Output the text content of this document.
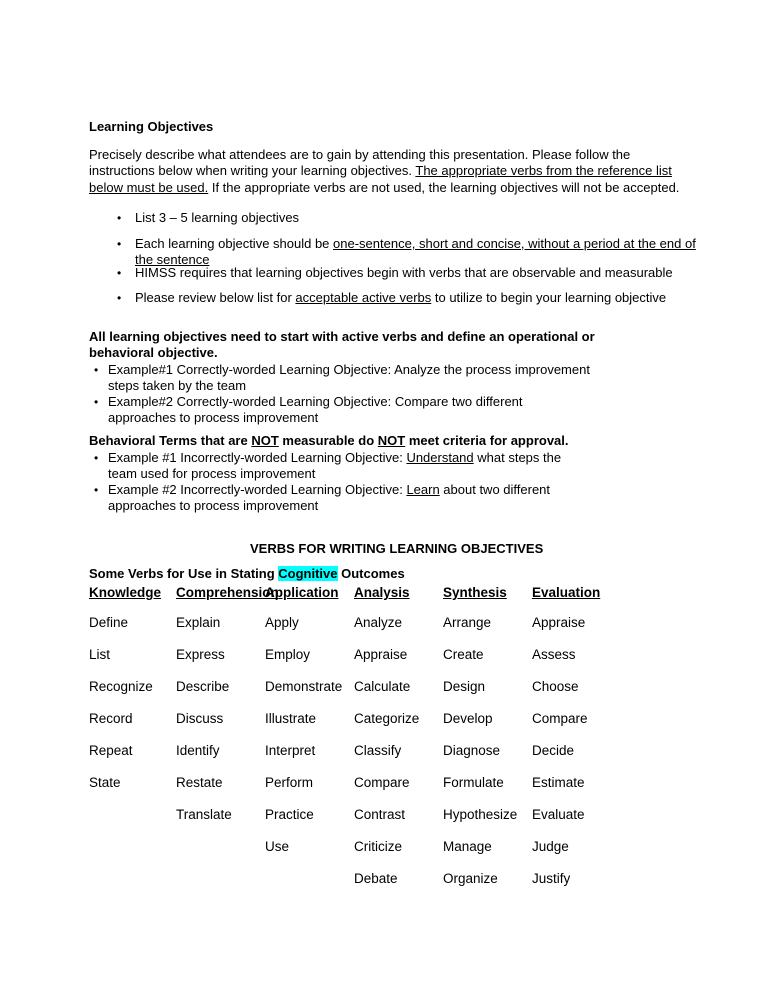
Learning Objectives
Precisely describe what attendees are to gain by attending this presentation. Please follow the
instructions below when writing your learning objectives. The appropriate verbs from the reference list
below must be used. If the appropriate verbs are not used, the learning objectives will not be accepted.
• List 3 – 5 learning objectives
• Each learning objective should be one-sentence, short and concise, without a period at the end of
the sentence
• HIMSS requires that learning objectives begin with verbs that are observable and measurable
• Please review below list for acceptable active verbs to utilize to begin your learning objective
All learning objectives need to start with active verbs and define an operational or
behavioral objective.
• Example#1 Correctly-worded Learning Objective: Analyze the process improvement
steps taken by the team
• Example#2 Correctly-worded Learning Objective: Compare two different
approaches to process improvement
Behavioral Terms that are NOT measurable do NOT meet criteria for approval.
• Example #1 Incorrectly-worded Learning Objective: Understand what steps the
team used for process improvement
• Example #2 Incorrectly-worded Learning Objective: Learn about two different
approaches to process improvement
VERBS FOR WRITING LEARNING OBJECTIVES
Some Verbs for Use in Stating Cognitive Outcomes
Knowledge Comprehension
Application Analysis Synthesis Evaluation
Define
List
Recognize
Record
Repeat
State
Explain
Express
Describe
Discuss
Identify
Restate
Translate
Apply
Employ
Demonstrate
Illustrate
Interpret
Perform
Practice
Use
Analyze
Appraise
Calculate
Categorize
Classify
Compare
Contrast
Criticize
Debate
Arrange
Create
Design
Develop
Diagnose
Formulate
Hypothesize
Manage
Organize
Appraise
Assess
Choose
Compare
Decide
Estimate
Evaluate
Judge
Justify
